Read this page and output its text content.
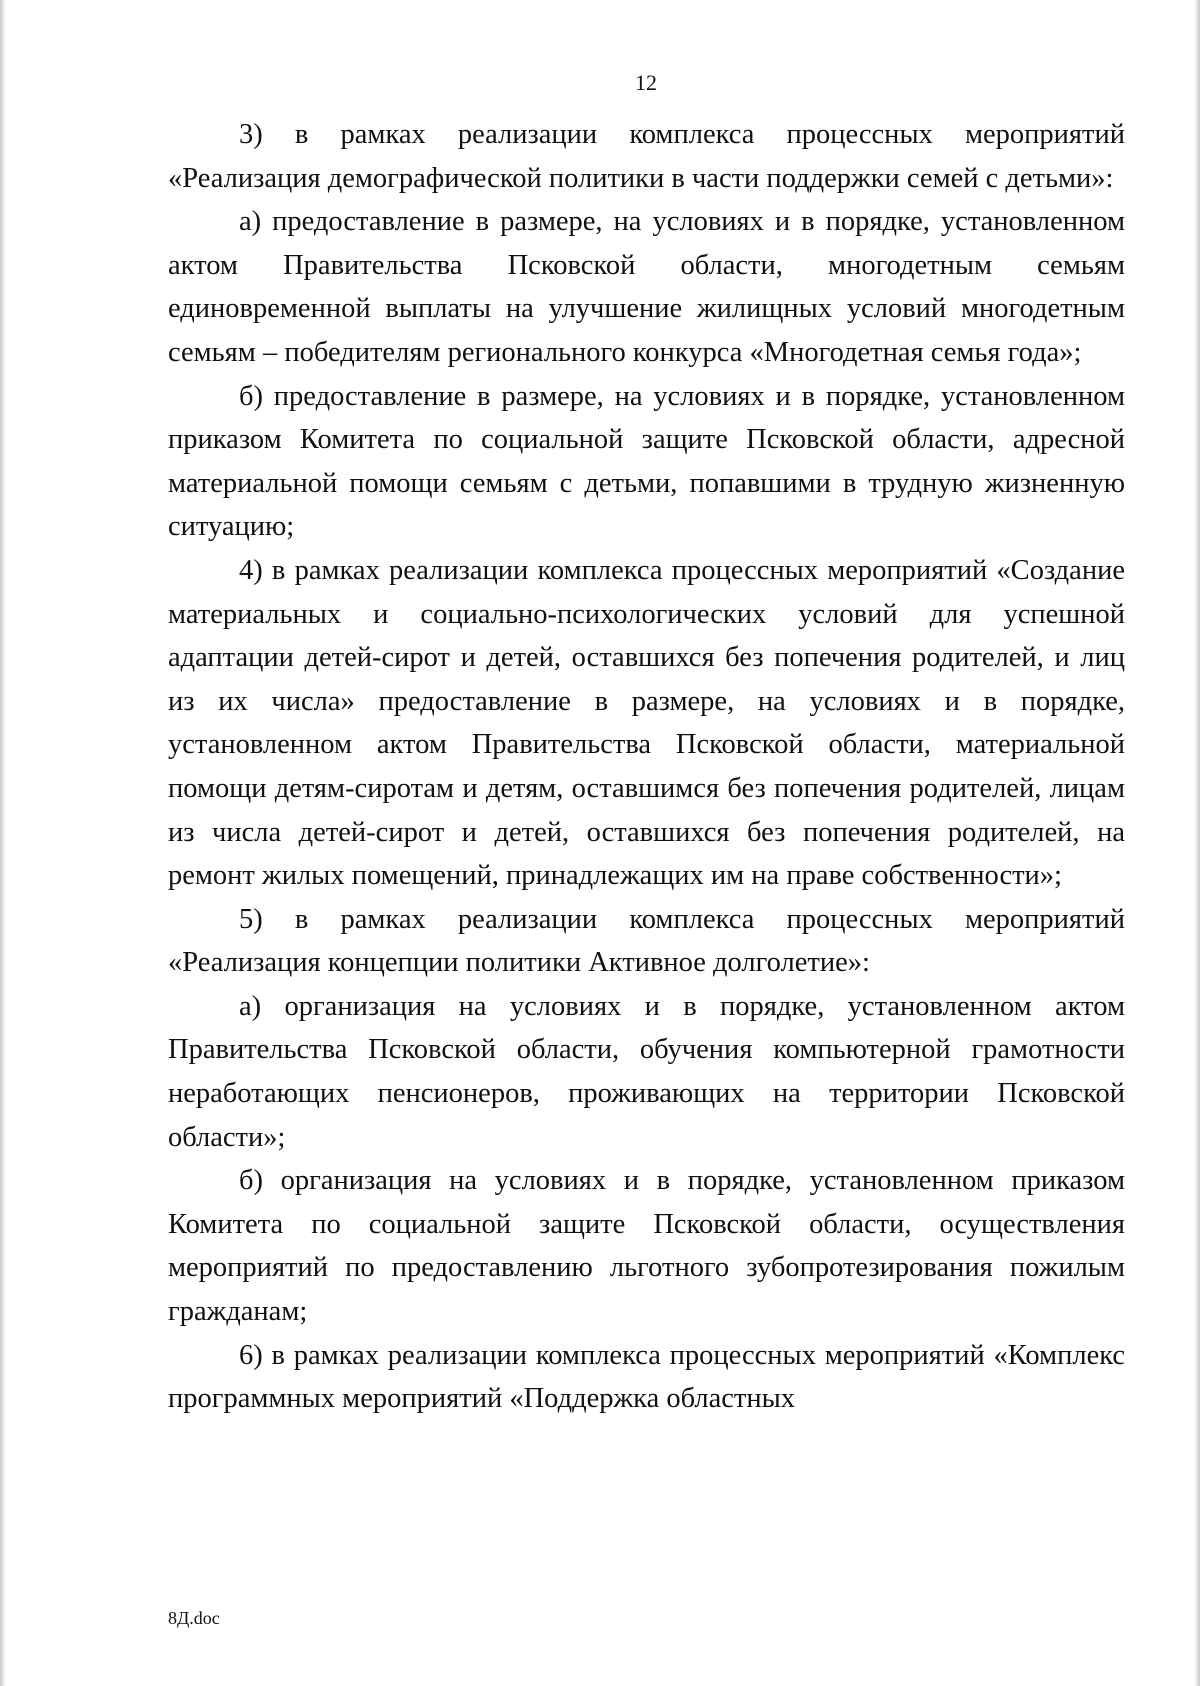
12

3) в рамках реализации комплекса процессных мероприятий «Реализация демографической политики в части поддержки семей с детьми»:

а) предоставление в размере, на условиях и в порядке, установленном актом Правительства Псковской области, многодетным семьям единовременной выплаты на улучшение жилищных условий многодетным семьям – победителям регионального конкурса «Многодетная семья года»;

б) предоставление в размере, на условиях и в порядке, установленном приказом Комитета по социальной защите Псковской области, адресной материальной помощи семьям с детьми, попавшими в трудную жизненную ситуацию;

4) в рамках реализации комплекса процессных мероприятий «Создание материальных и социально-психологических условий для успешной адаптации детей-сирот и детей, оставшихся без попечения родителей, и лиц из их числа» предоставление в размере, на условиях и в порядке, установленном актом Правительства Псковской области, материальной помощи детям-сиротам и детям, оставшимся без попечения родителей, лицам из числа детей-сирот и детей, оставшихся без попечения родителей, на ремонт жилых помещений, принадлежащих им на праве собственности»;

5) в рамках реализации комплекса процессных мероприятий «Реализация концепции политики Активное долголетие»:

а) организация на условиях и в порядке, установленном актом Правительства Псковской области, обучения компьютерной грамотности неработающих пенсионеров, проживающих на территории Псковской области»;

б) организация на условиях и в порядке, установленном приказом Комитета по социальной защите Псковской области, осуществления мероприятий по предоставлению льготного зубопротезирования пожилым гражданам;

6) в рамках реализации комплекса процессных мероприятий «Комплекс программных мероприятий «Поддержка областных

8Д.doc
